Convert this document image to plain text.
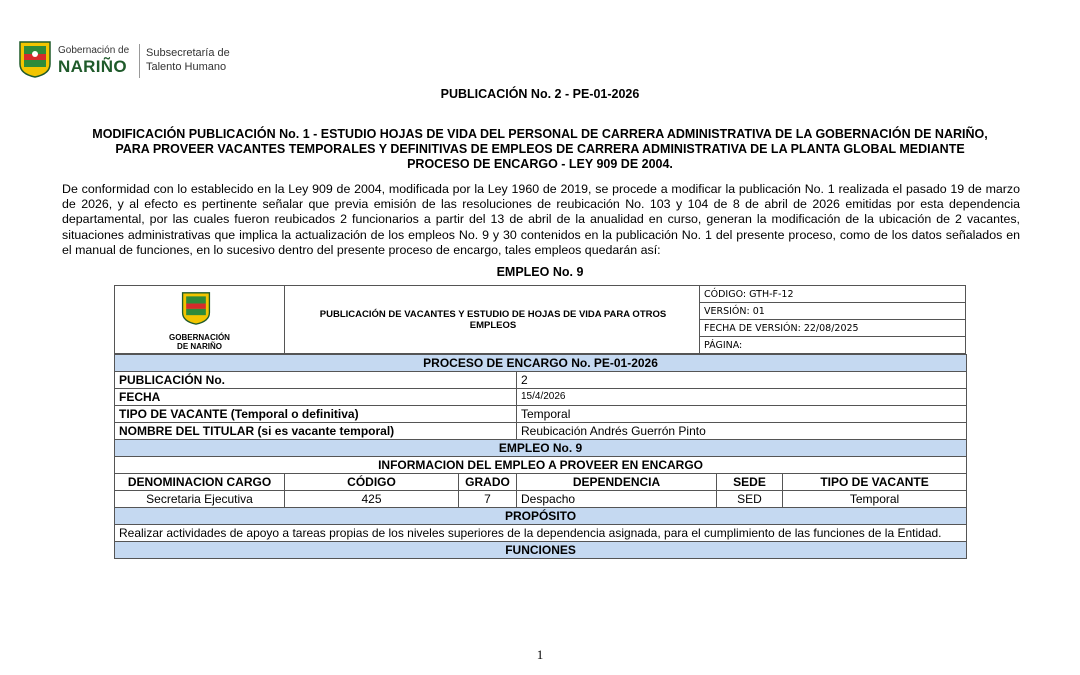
Gobernación de
NARIÑO
Subsecretaría de
Talento Humano
PUBLICACIÓN No. 2 - PE-01-2026
MODIFICACIÓN PUBLICACIÓN No. 1 - ESTUDIO HOJAS DE VIDA DEL PERSONAL DE CARRERA ADMINISTRATIVA DE LA GOBERNACIÓN DE NARIÑO, PARA PROVEER VACANTES TEMPORALES Y DEFINITIVAS DE EMPLEOS DE CARRERA ADMINISTRATIVA DE LA PLANTA GLOBAL MEDIANTE PROCESO DE ENCARGO - LEY 909 DE 2004.
De conformidad con lo establecido en la Ley 909 de 2004, modificada por la Ley 1960 de 2019, se procede a modificar la publicación No. 1 realizada el pasado 19 de marzo de 2026, y al efecto es pertinente señalar que previa emisión de las resoluciones de reubicación No. 103 y 104 de 8 de abril de 2026 emitidas por esta dependencia departamental, por las cuales fueron reubicados 2 funcionarios a partir del 13 de abril de la anualidad en curso, generan la modificación de la ubicación de 2 vacantes, situaciones administrativas que implica la actualización de los empleos No. 9 y 30 contenidos en la publicación No. 1 del presente proceso, como de los datos señalados en el manual de funciones, en lo sucesivo dentro del presente proceso de encargo, tales empleos quedarán así:
EMPLEO No. 9
GOBERNACIÓN
DE NARIÑO
PUBLICACIÓN DE VACANTES Y ESTUDIO DE HOJAS DE VIDA PARA OTROS EMPLEOS
CÓDIGO: GTH-F-12
VERSIÓN: 01
FECHA DE VERSIÓN: 22/08/2025
PÁGINA:
PROCESO DE ENCARGO No. PE-01-2026					
PUBLICACIÓN No.			2		
FECHA			15/4/2026		
TIPO DE VACANTE (Temporal o definitiva)			Temporal		
NOMBRE DEL TITULAR (si es vacante temporal)			Reubicación Andrés Guerrón Pinto		
EMPLEO No. 9					
INFORMACION DEL EMPLEO A PROVEER EN ENCARGO					
DENOMINACION CARGO	CÓDIGO	GRADO	DEPENDENCIA	SEDE	TIPO DE VACANTE
Secretaria Ejecutiva	425	7	Despacho	SED	Temporal
PROPÓSITO					
Realizar actividades de apoyo a tareas propias de los niveles superiores de la dependencia asignada, para el cumplimiento de las funciones de la Entidad.					
FUNCIONES					
1
